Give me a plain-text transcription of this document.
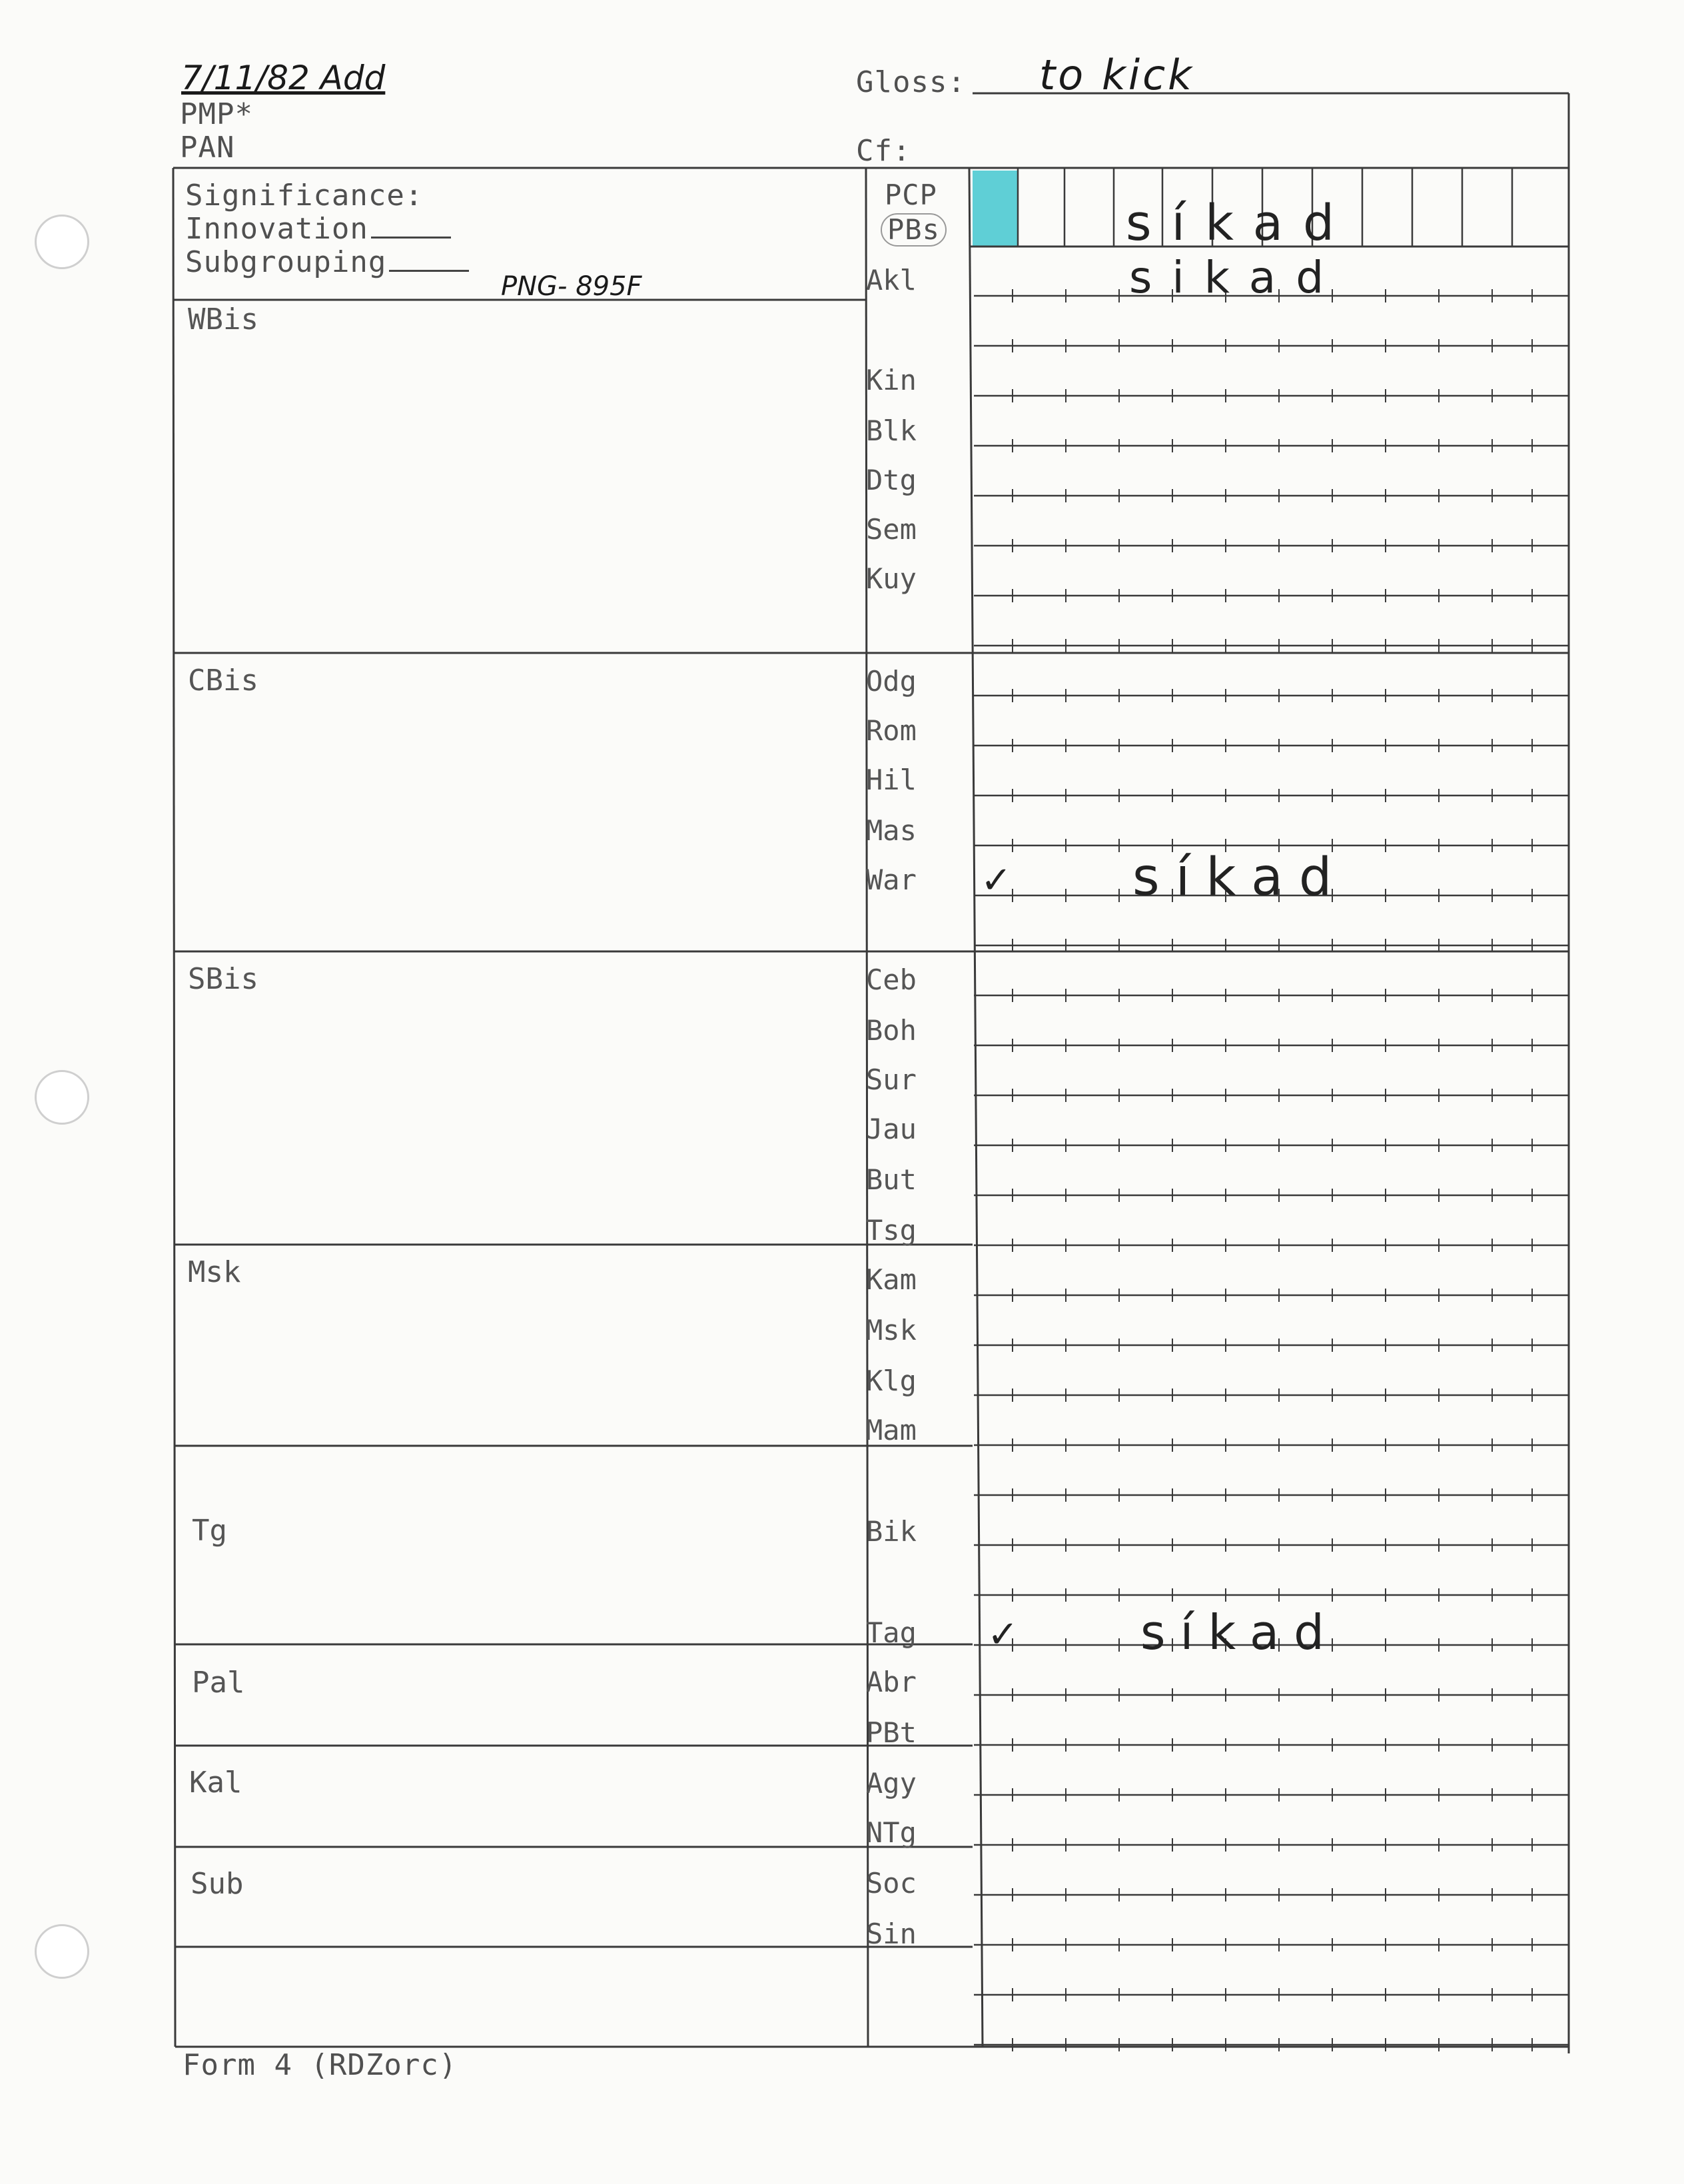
7/11/82 Add
PMP*
PAN
Gloss: to kick
Cf:
Significance:
Innovation
Subgrouping
PNG- 895F
PCP
PBs
WBis
CBis
SBis
Msk
Tg
Pal
Kal
Sub
Akl
Kin
Blk
Dtg
Sem
Kuy
Odg
Rom
Hil
Mas
War
Ceb
Boh
Sur
Jau
But
Tsg
Kam
Msk
Klg
Mam
Bik
Tag
Abr
PBt
Agy
NTg
Soc
Sin
síkad
sikad
✓ síkad
✓	síkad
Form 4 (RDZorc)
